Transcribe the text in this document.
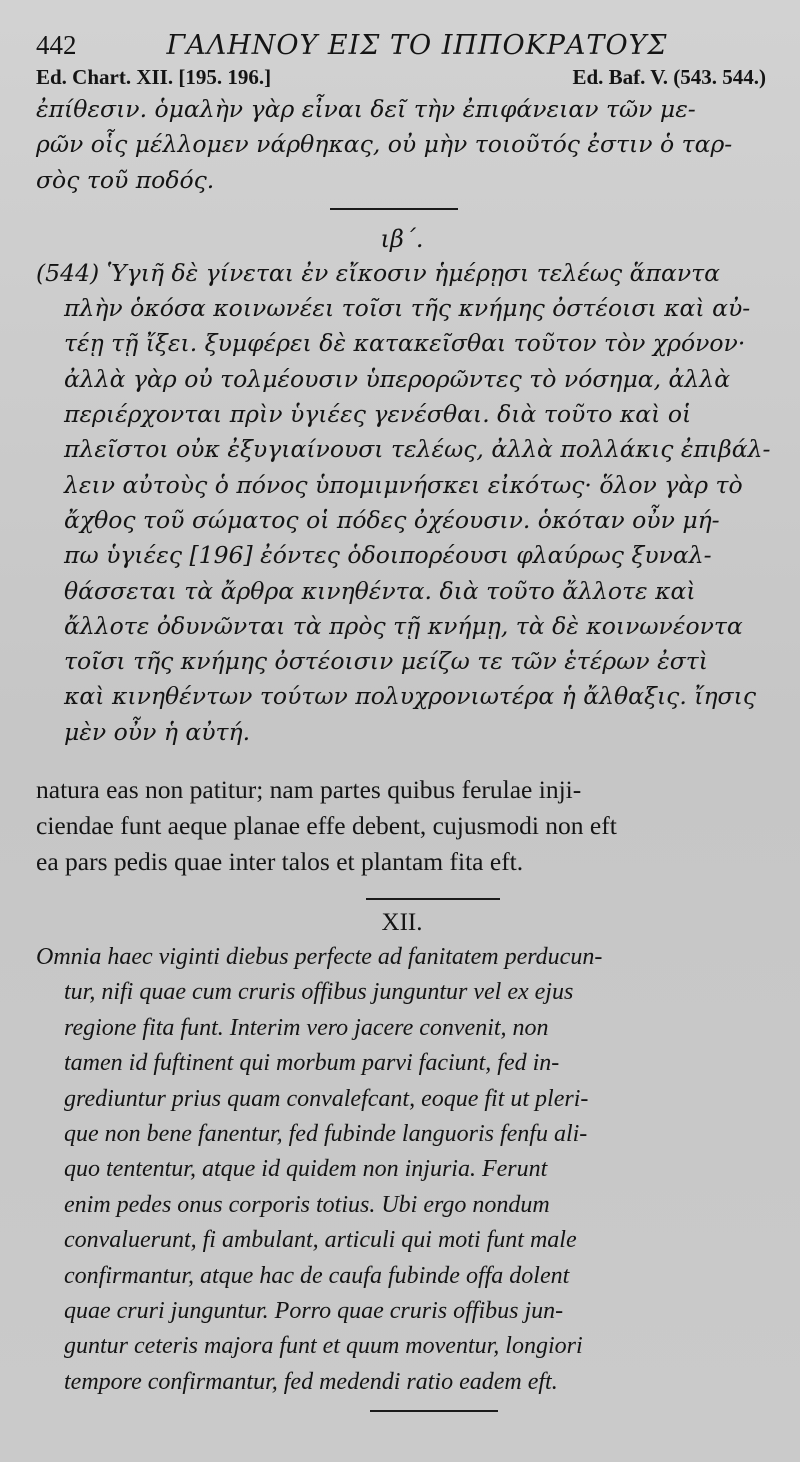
442	ΓΑΛΗΝΟΥ ΕΙΣ ΤΟ ΙΠΠΟΚΡΑΤΟΥΣ
Ed. Chart. XII. [195. 196.]	Ed. Baf. V. (543. 544.)
ἐπίθεσιν. ὁμαλὴν γὰρ εἶναι δεῖ τὴν ἐπιφάνειαν τῶν με-
ρῶν οἷς μέλλομεν νάρθηκας, οὐ μὴν τοιοῦτός ἐστιν ὁ ταρ-
σὸς τοῦ ποδός.
ιβ΄.
(544) Ὑγιῆ δὲ γίνεται ἐν εἴκοσιν ἡμέρῃσι τελέως ἅπαντα
πλὴν ὁκόσα κοινωνέει τοῖσι τῆς κνήμης ὀστέοισι καὶ αὐ-
τέῃ τῇ ἴξει. ξυμφέρει δὲ κατακεῖσθαι τοῦτον τὸν χρόνον·
ἀλλὰ γὰρ οὐ τολμέουσιν ὑπερορῶντες τὸ νόσημα, ἀλλὰ
περιέρχονται πρὶν ὑγιέες γενέσθαι. διὰ τοῦτο καὶ οἱ
πλεῖστοι οὐκ ἐξυγιαίνουσι τελέως, ἀλλὰ πολλάκις ἐπιβάλ-
λειν αὐτοὺς ὁ πόνος ὑπομιμνήσκει εἰκότως· ὅλον γὰρ τὸ
ἄχθος τοῦ σώματος οἱ πόδες ὀχέουσιν. ὁκόταν οὖν μή-
πω ὑγιέες [196] ἐόντες ὁδοιπορέουσι φλαύρως ξυναλ-
θάσσεται τὰ ἄρθρα κινηθέντα. διὰ τοῦτο ἄλλοτε καὶ
ἄλλοτε ὀδυνῶνται τὰ πρὸς τῇ κνήμῃ, τὰ δὲ κοινωνέοντα
τοῖσι τῆς κνήμης ὀστέοισιν μείζω τε τῶν ἑτέρων ἐστὶ
καὶ κινηθέντων τούτων πολυχρονιωτέρα ἡ ἄλθαξις. ἴησις
μὲν οὖν ἡ αὐτή.
natura eas non patitur; nam partes quibus ferulae inji-
ciendae funt aeque planae effe debent, cujusmodi non eft
ea pars pedis quae inter talos et plantam fita eft.
XII.
Omnia haec viginti diebus perfecte ad fanitatem perducun-
tur, nifi quae cum cruris offibus junguntur vel ex ejus
regione fita funt. Interim vero jacere convenit, non
tamen id fuftinent qui morbum parvi faciunt, fed in-
grediuntur prius quam convalefcant, eoque fit ut pleri-
que non bene fanentur, fed fubinde languoris fenfu ali-
quo tententur, atque id quidem non injuria. Ferunt
enim pedes onus corporis totius. Ubi ergo nondum
convaluerunt, fi ambulant, articuli qui moti funt male
confirmantur, atque hac de caufa fubinde offa dolent
quae cruri junguntur. Porro quae cruris offibus jun-
guntur ceteris majora funt et quum moventur, longiori
tempore confirmantur, fed medendi ratio eadem eft.
